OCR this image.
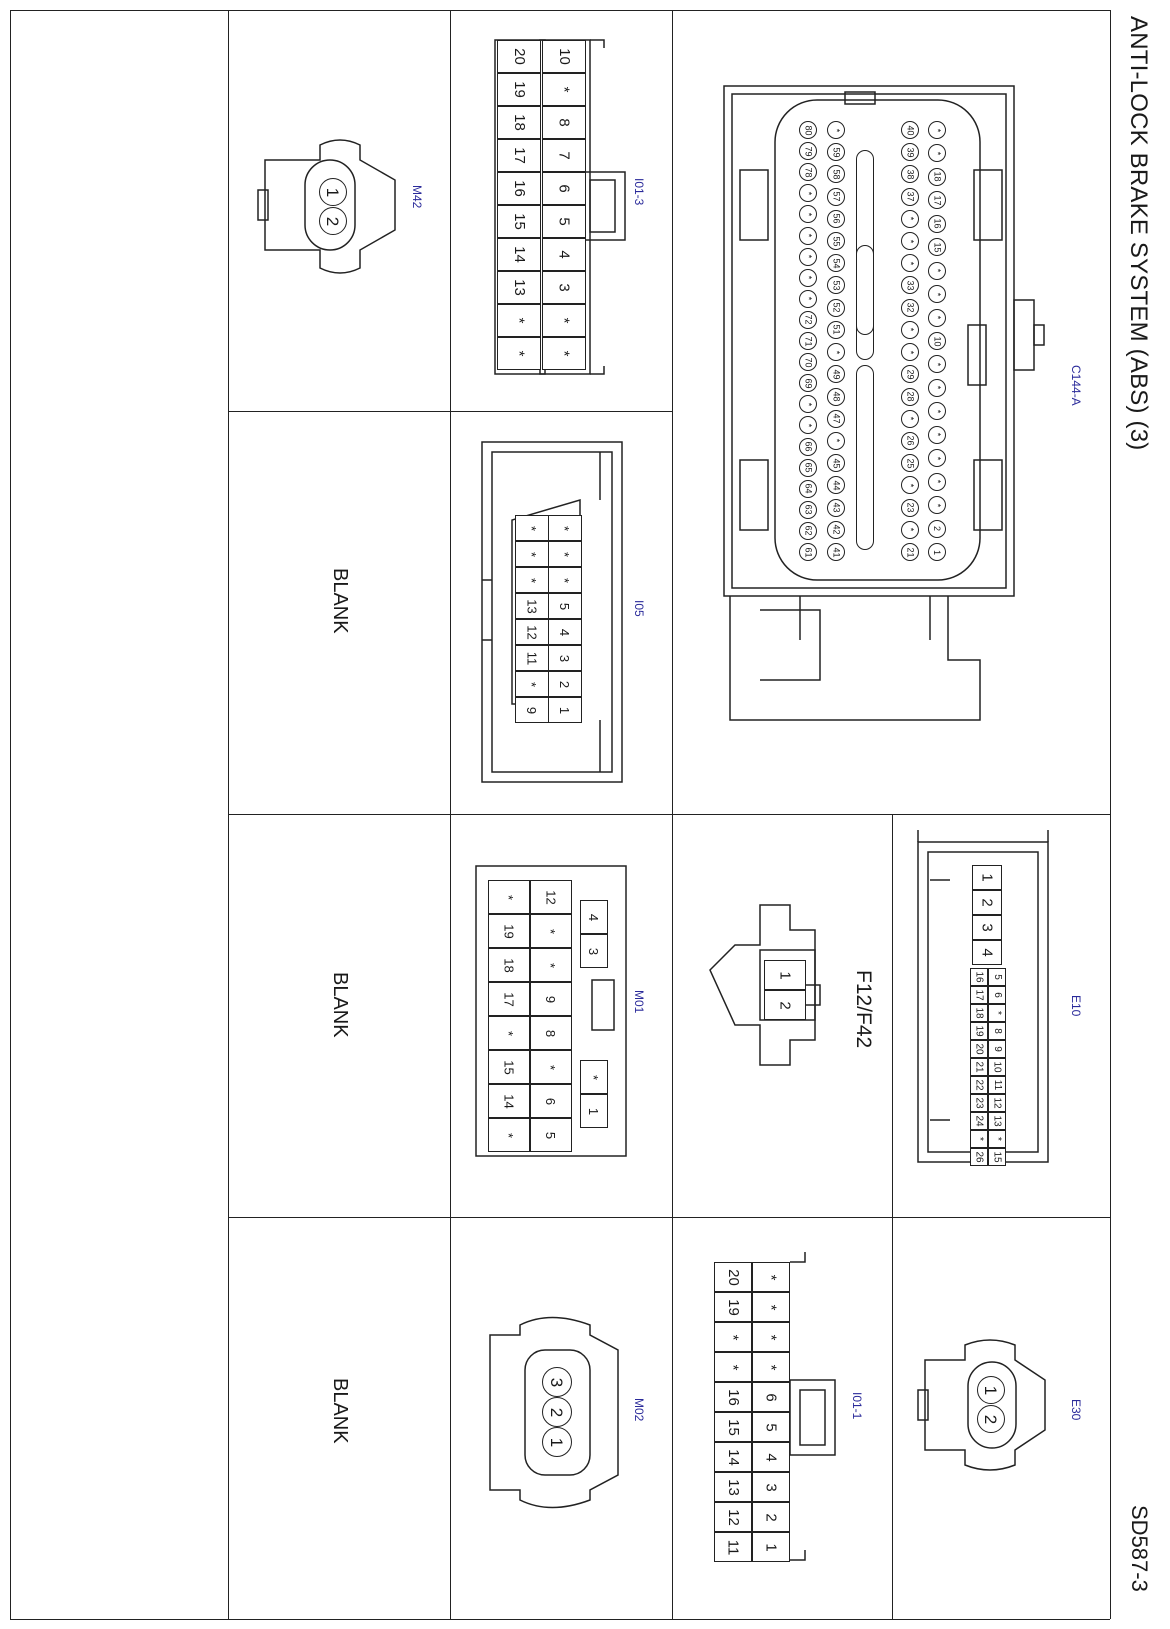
ANTI-LOCK BRAKE SYSTEM (ABS) (3)
SD587-3
BLANK
BLANK
BLANK
C144-A
I01-3
M42
I05
E10
F12/F42
M01
E30
I01-1
M02
*
*
18
17
16
15
*
*
*
10
*
*
*
*
*
*
*
2
1
40
39
38
37
*
*
*
33
32
*
*
29
28
*
26
25
*
23
*
21
*
59
58
57
56
55
54
53
52
51
*
49
48
47
*
45
44
43
42
41
80
79
78
*
*
*
*
*
*
72
71
70
69
*
*
66
65
64
63
62
61
10
*
8
7
6
5
4
3
*
*
20
19
18
17
16
15
14
13
*
*
1
2
*
*
*
5
4
3
2
1
*
*
*
13
12
11
*
9
1
2
3
4
5
6
*
8
9
10
11
12
13
*
15
16
17
18
19
20
21
22
23
24
*
26
1
2
4
3
*
1
12
*
*
9
8
*
6
5
*
19
18
17
*
15
14
*
1
2
*
*
*
*
6
5
4
3
2
1
20
19
*
*
16
15
14
13
12
11
3
2
1
